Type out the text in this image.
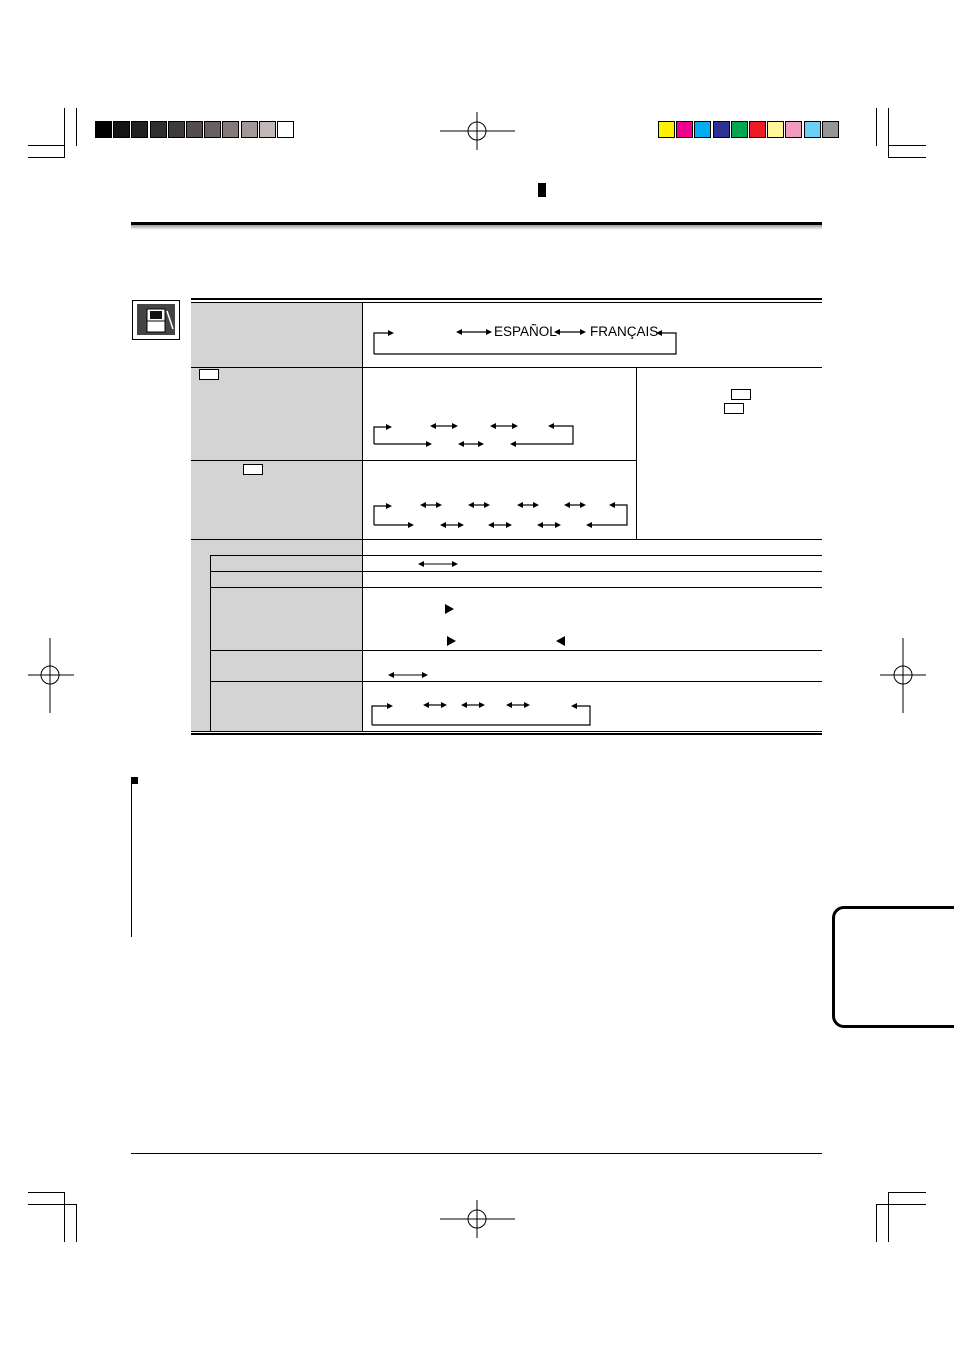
ESPAÑOL FRANÇAIS
